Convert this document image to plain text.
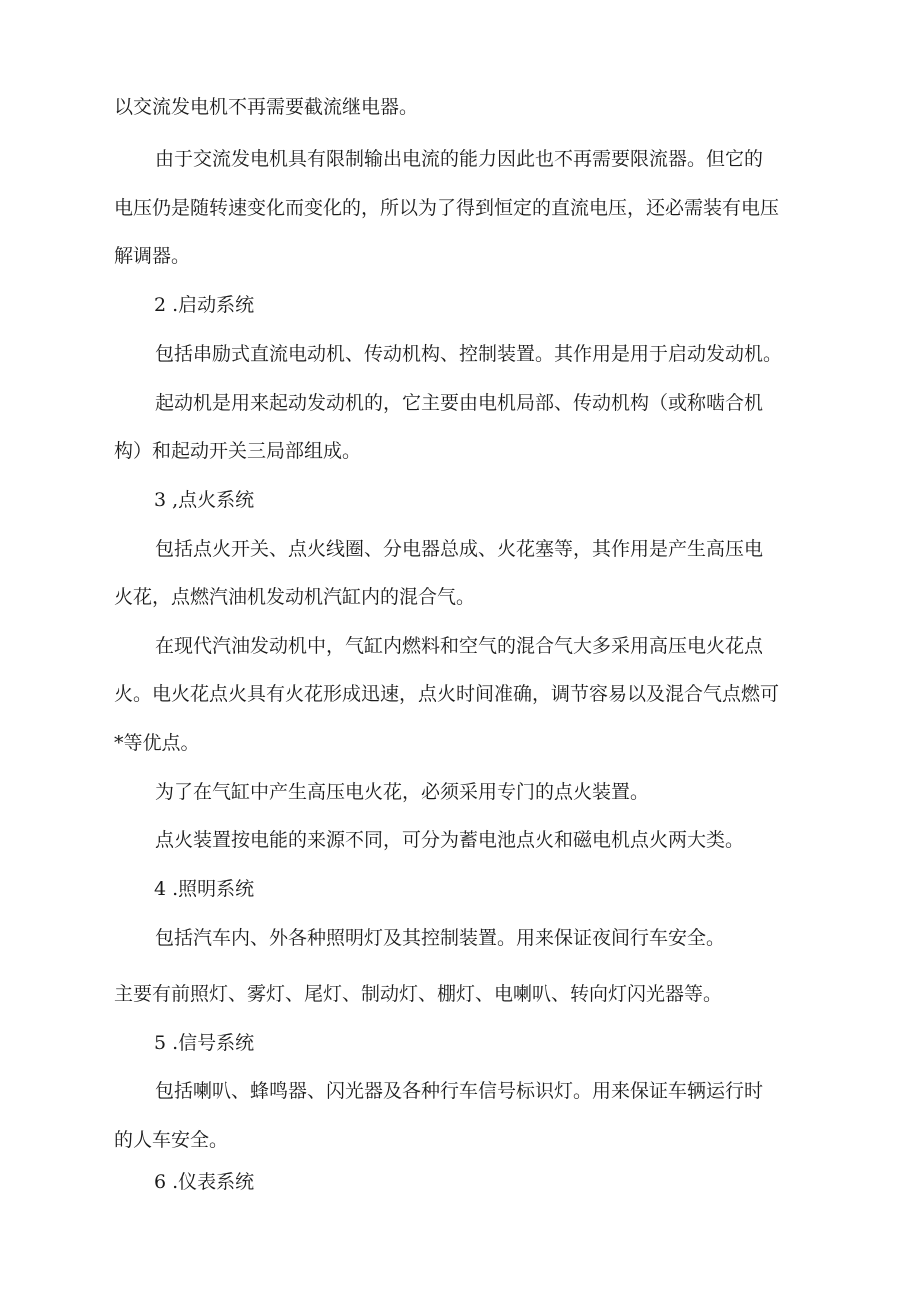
以交流发电机不再需要截流继电器。
由于交流发电机具有限制输出电流的能力因此也不再需要限流器。但它的
电压仍是随转速变化而变化的，所以为了得到恒定的直流电压，还必需装有电压
解调器。
2 .启动系统
包括串励式直流电动机、传动机构、控制装置。其作用是用于启动发动机。
起动机是用来起动发动机的，它主要由电机局部、传动机构（或称啮合机
构）和起动开关三局部组成。
3 ,点火系统
包括点火开关、点火线圈、分电器总成、火花塞等，其作用是产生高压电
火花，点燃汽油机发动机汽缸内的混合气。
在现代汽油发动机中，气缸内燃料和空气的混合气大多采用高压电火花点
火。电火花点火具有火花形成迅速，点火时间准确，调节容易以及混合气点燃可
*等优点。
为了在气缸中产生高压电火花，必须采用专门的点火装置。
点火装置按电能的来源不同，可分为蓄电池点火和磁电机点火两大类。
4 .照明系统
包括汽车内、外各种照明灯及其控制装置。用来保证夜间行车安全。
主要有前照灯、雾灯、尾灯、制动灯、棚灯、电喇叭、转向灯闪光器等。
5 .信号系统
包括喇叭、蜂鸣器、闪光器及各种行车信号标识灯。用来保证车辆运行时
的人车安全。
6 .仪表系统
